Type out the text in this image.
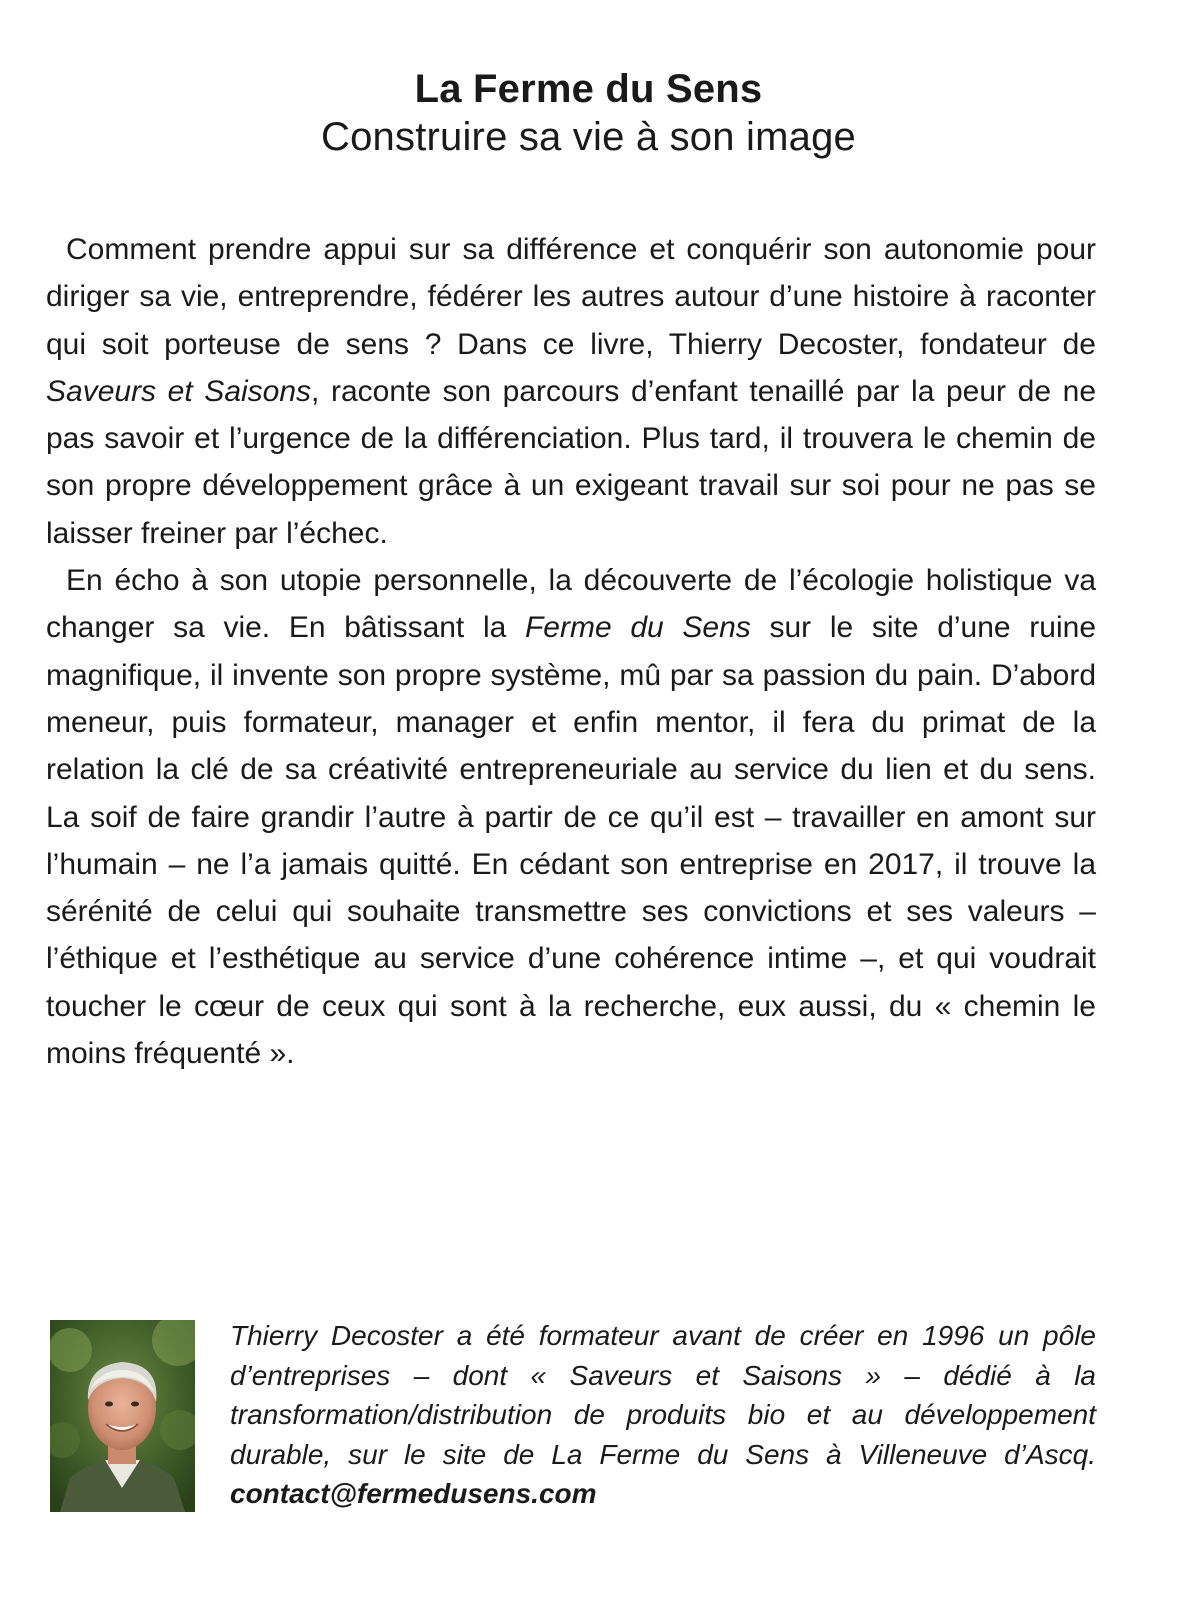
La Ferme du Sens
Construire sa vie à son image

Comment prendre appui sur sa différence et conquérir son autonomie pour diriger sa vie, entreprendre, fédérer les autres autour d’une histoire à raconter qui soit porteuse de sens ? Dans ce livre, Thierry Decoster, fondateur de Saveurs et Saisons, raconte son parcours d’enfant tenaillé par la peur de ne pas savoir et l’urgence de la différenciation. Plus tard, il trouvera le chemin de son propre développement grâce à un exigeant travail sur soi pour ne pas se laisser freiner par l’échec.

En écho à son utopie personnelle, la découverte de l’écologie holistique va changer sa vie. En bâtissant la Ferme du Sens sur le site d’une ruine magnifique, il invente son propre système, mû par sa passion du pain. D’abord meneur, puis formateur, manager et enfin mentor, il fera du primat de la relation la clé de sa créativité entrepreneuriale au service du lien et du sens. La soif de faire grandir l’autre à partir de ce qu’il est – travailler en amont sur l’humain – ne l’a jamais quitté. En cédant son entreprise en 2017, il trouve la sérénité de celui qui souhaite transmettre ses convictions et ses valeurs – l’éthique et l’esthétique au service d’une cohérence intime –, et qui voudrait toucher le cœur de ceux qui sont à la recherche, eux aussi, du « chemin le moins fréquenté ».

Thierry Decoster a été formateur avant de créer en 1996 un pôle d’entreprises – dont « Saveurs et Saisons » – dédié à la transformation/distribution de produits bio et au développement durable, sur le site de La Ferme du Sens à Villeneuve d’Ascq. contact@fermedusens.com
